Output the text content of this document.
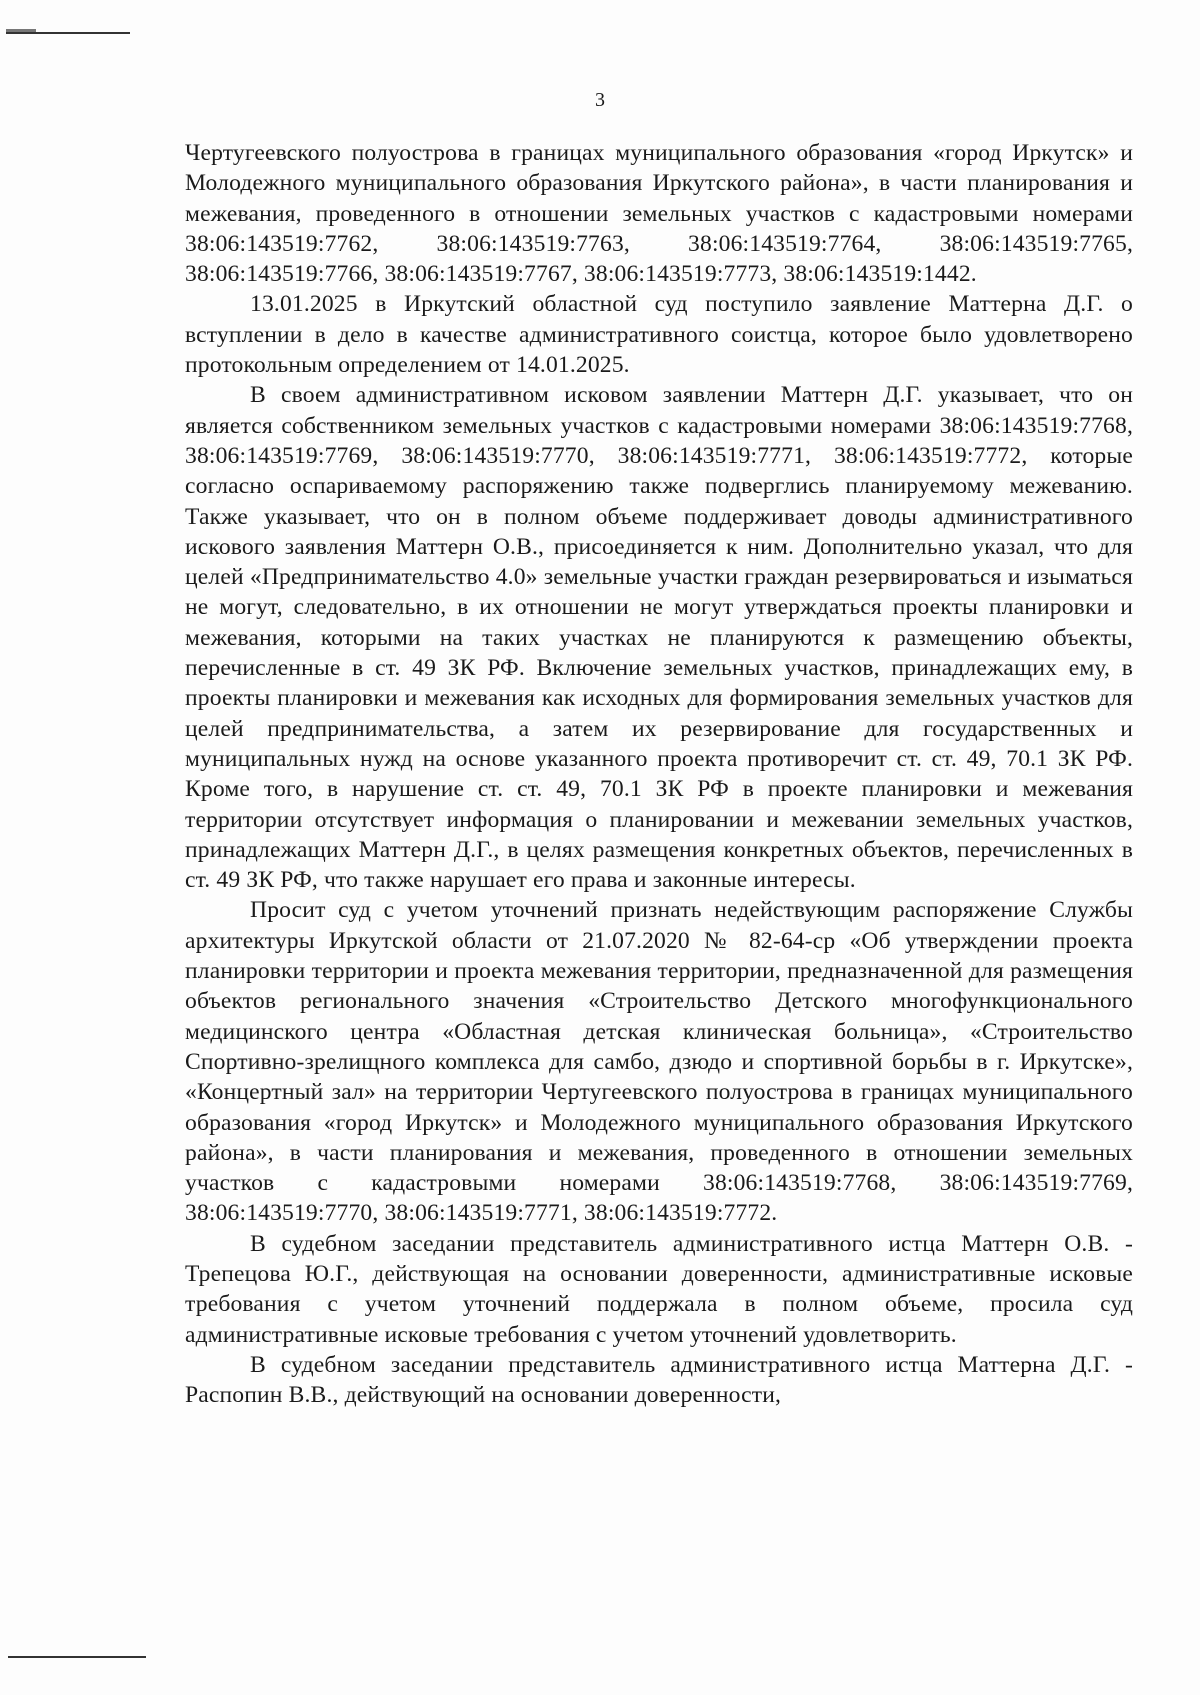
3

Чертугеевского полуострова в границах муниципального образования «город Иркутск» и Молодежного муниципального образования Иркутского района», в части планирования и межевания, проведенного в отношении земельных участков с кадастровыми номерами 38:06:143519:7762, 38:06:143519:7763, 38:06:143519:7764, 38:06:143519:7765, 38:06:143519:7766, 38:06:143519:7767, 38:06:143519:7773, 38:06:143519:1442.

13.01.2025 в Иркутский областной суд поступило заявление Маттерна Д.Г. о вступлении в дело в качестве административного соистца, которое было удовлетворено протокольным определением от 14.01.2025.

В своем административном исковом заявлении Маттерн Д.Г. указывает, что он является собственником земельных участков с кадастровыми номерами 38:06:143519:7768, 38:06:143519:7769, 38:06:143519:7770, 38:06:143519:7771, 38:06:143519:7772, которые согласно оспариваемому распоряжению также подверглись планируемому межеванию. Также указывает, что он в полном объеме поддерживает доводы административного искового заявления Маттерн О.В., присоединяется к ним. Дополнительно указал, что для целей «Предпринимательство 4.0» земельные участки граждан резервироваться и изыматься не могут, следовательно, в их отношении не могут утверждаться проекты планировки и межевания, которыми на таких участках не планируются к размещению объекты, перечисленные в ст. 49 ЗК РФ. Включение земельных участков, принадлежащих ему, в проекты планировки и межевания как исходных для формирования земельных участков для целей предпринимательства, а затем их резервирование для государственных и муниципальных нужд на основе указанного проекта противоречит ст. ст. 49, 70.1 ЗК РФ. Кроме того, в нарушение ст. ст. 49, 70.1 ЗК РФ в проекте планировки и межевания территории отсутствует информация о планировании и межевании земельных участков, принадлежащих Маттерн Д.Г., в целях размещения конкретных объектов, перечисленных в ст. 49 ЗК РФ, что также нарушает его права и законные интересы.

Просит суд с учетом уточнений признать недействующим распоряжение Службы архитектуры Иркутской области от 21.07.2020 № 82-64-ср «Об утверждении проекта планировки территории и проекта межевания территории, предназначенной для размещения объектов регионального значения «Строительство Детского многофункционального медицинского центра «Областная детская клиническая больница», «Строительство Спортивно-зрелищного комплекса для самбо, дзюдо и спортивной борьбы в г. Иркутске», «Концертный зал» на территории Чертугеевского полуострова в границах муниципального образования «город Иркутск» и Молодежного муниципального образования Иркутского района», в части планирования и межевания, проведенного в отношении земельных участков с кадастровыми номерами 38:06:143519:7768, 38:06:143519:7769, 38:06:143519:7770, 38:06:143519:7771, 38:06:143519:7772.

В судебном заседании представитель административного истца Маттерн О.В. - Трепецова Ю.Г., действующая на основании доверенности, административные исковые требования с учетом уточнений поддержала в полном объеме, просила суд административные исковые требования с учетом уточнений удовлетворить.

В судебном заседании представитель административного истца Маттерна Д.Г. - Распопин В.В., действующий на основании доверенности,
